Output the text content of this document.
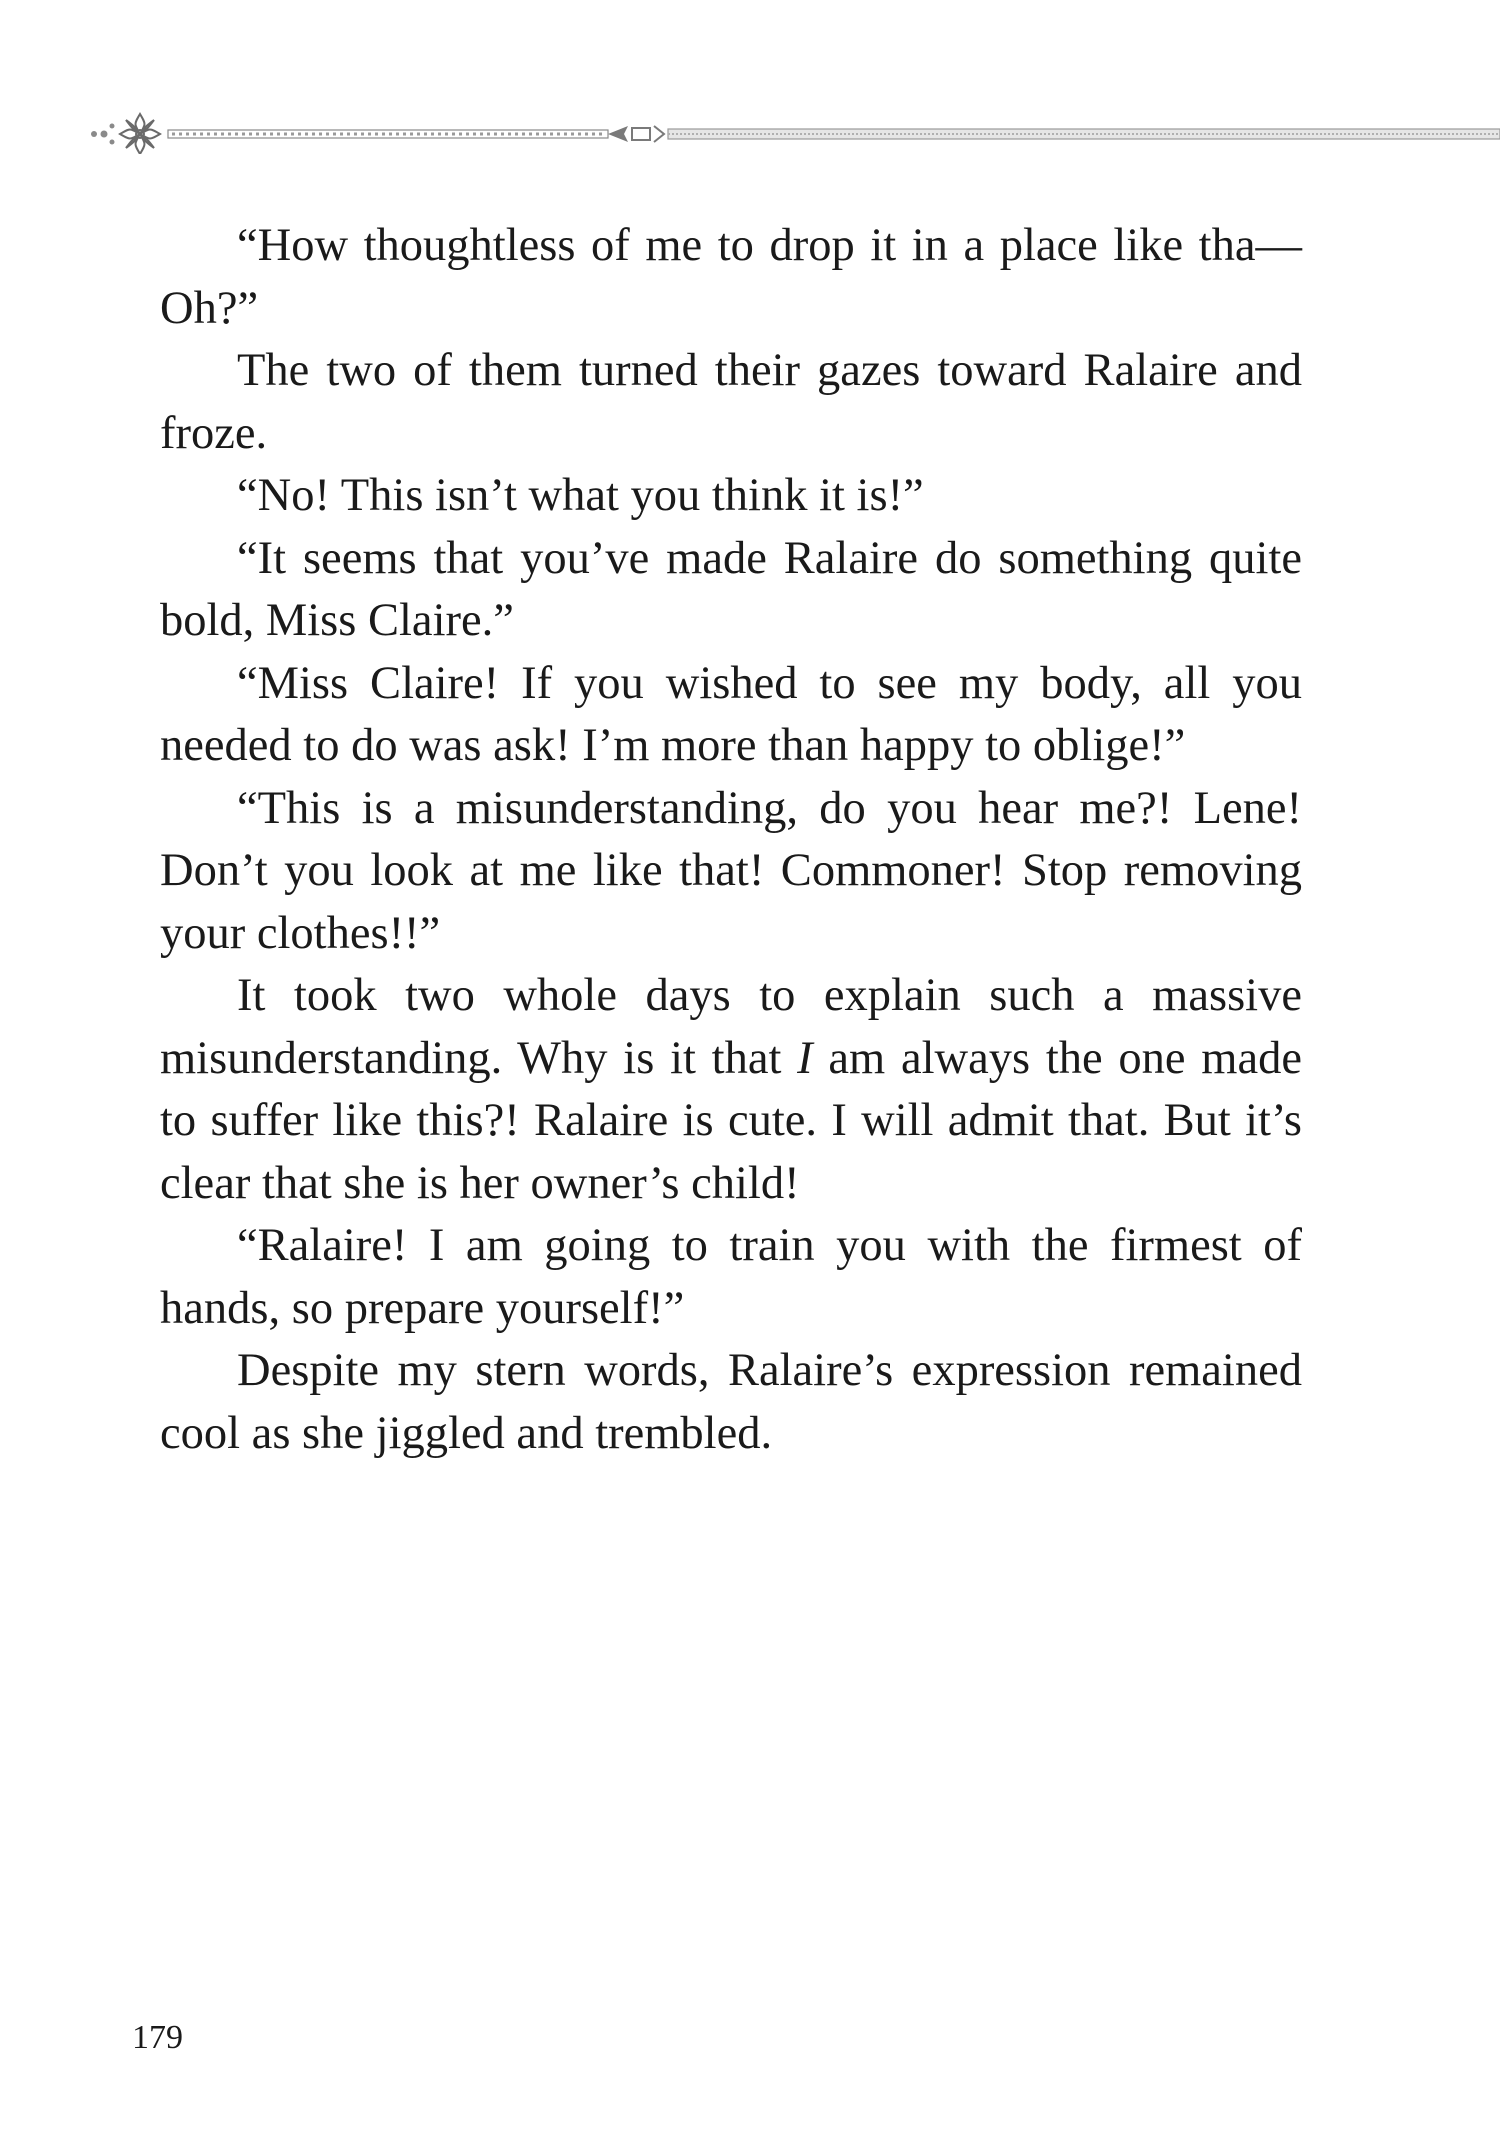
“How thoughtless of me to drop it in a place like tha— Oh?”

The two of them turned their gazes toward Ralaire and froze.

“No! This isn’t what you think it is!”

“It seems that you’ve made Ralaire do something quite bold, Miss Claire.”

“Miss Claire! If you wished to see my body, all you needed to do was ask! I’m more than happy to oblige!”

“This is a misunderstanding, do you hear me?! Lene! Don’t you look at me like that! Commoner! Stop removing your clothes!!”

It took two whole days to explain such a massive misunderstanding. Why is it that I am always the one made to suffer like this?! Ralaire is cute. I will admit that. But it’s clear that she is her owner’s child!

“Ralaire! I am going to train you with the firmest of hands, so prepare yourself!”

Despite my stern words, Ralaire’s expression remained cool as she jiggled and trembled.

179
